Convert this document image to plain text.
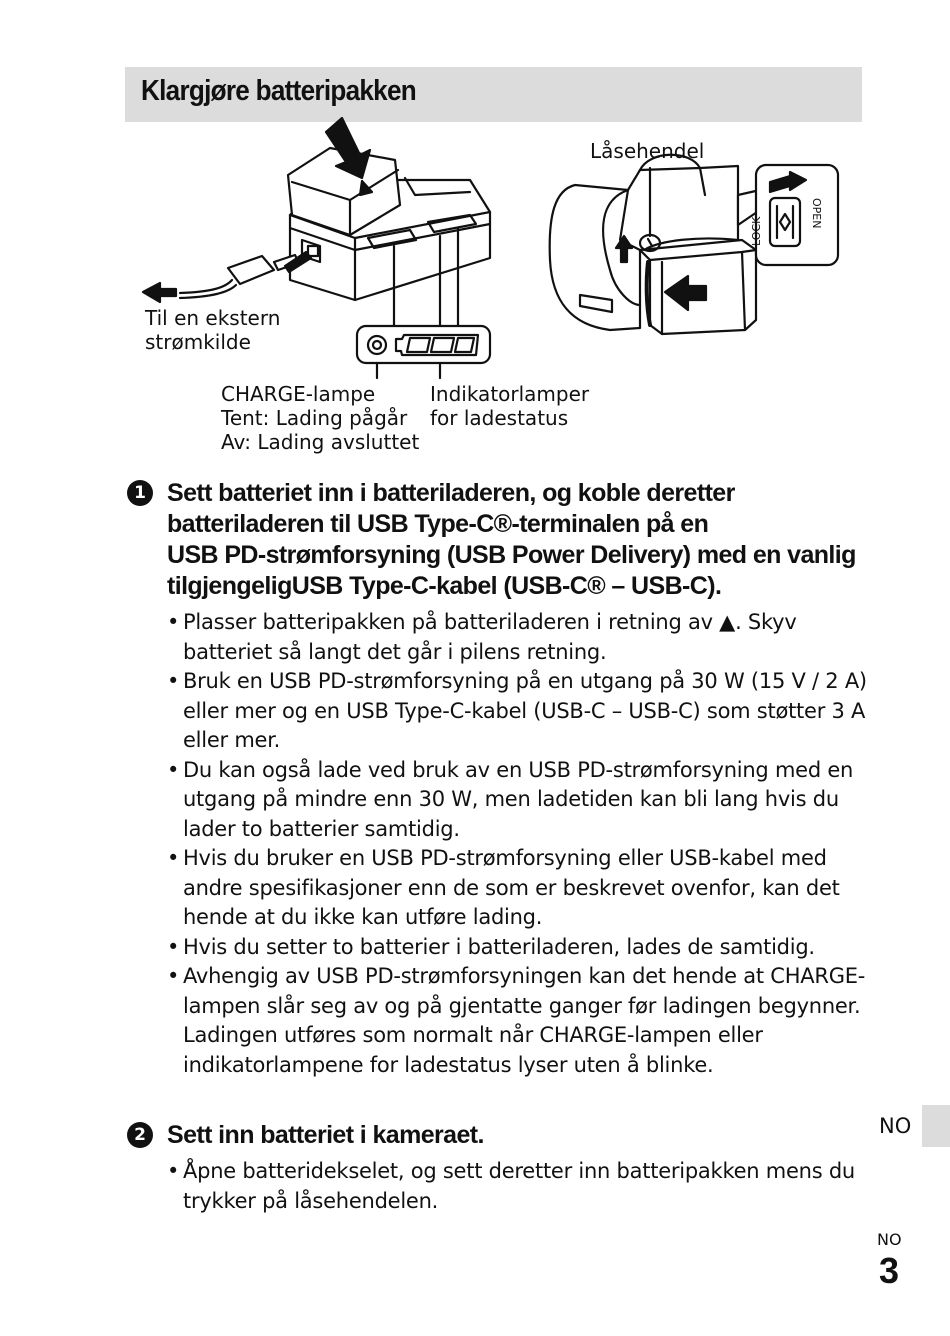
Klargjøre batteripakken
OPEN
LOCK
Låsehendel
Til en ekstern
strømkilde
CHARGE-lampe
Tent: Lading pågår
Av: Lading avsluttet
Indikatorlamper
for ladestatus
1 Sett batteriet inn i batteriladeren, og koble deretter
batteriladeren til USB Type-C®-terminalen på en
USB PD-strømforsyning (USB Power Delivery) med en vanlig
tilgjengeligUSB Type-C-kabel (USB-C® – USB-C).

• Plasser batteripakken på batteriladeren i retning av ▲. Skyv batteriet så langt det går i pilens retning.
• Bruk en USB PD-strømforsyning på en utgang på 30 W (15 V / 2 A) eller mer og en USB Type-C-kabel (USB-C – USB-C) som støtter 3 A eller mer.
• Du kan også lade ved bruk av en USB PD-strømforsyning med en utgang på mindre enn 30 W, men ladetiden kan bli lang hvis du lader to batterier samtidig.
• Hvis du bruker en USB PD-strømforsyning eller USB-kabel med andre spesifikasjoner enn de som er beskrevet ovenfor, kan det hende at du ikke kan utføre lading.
• Hvis du setter to batterier i batteriladeren, lades de samtidig.
• Avhengig av USB PD-strømforsyningen kan det hende at CHARGE-lampen slår seg av og på gjentatte ganger før ladingen begynner. Ladingen utføres som normalt når CHARGE-lampen eller indikatorlampene for ladestatus lyser uten å blinke.
2 Sett inn batteriet i kameraet.

• Åpne batteridekselet, og sett deretter inn batteripakken mens du trykker på låsehendelen.
NO
NO
3
